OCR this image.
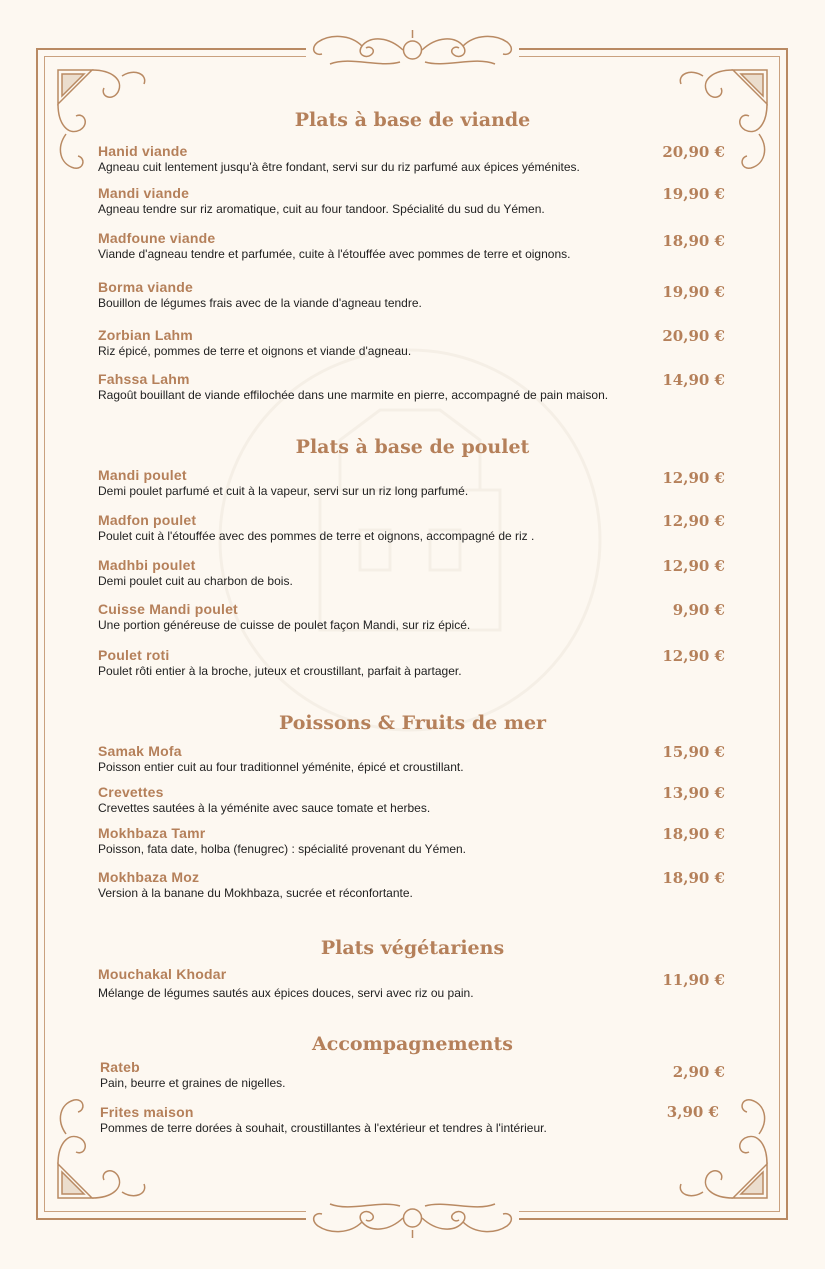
Plats à base de viande
Hanid viande
Agneau cuit lentement jusqu'à être fondant, servi sur du riz parfumé aux épices yéménites.
20,90 €
Mandi viande
Agneau tendre sur riz aromatique, cuit au four tandoor. Spécialité du sud du Yémen.
19,90 €
Madfoune viande
Viande d'agneau tendre et parfumée, cuite à l'étouffée avec pommes de terre et oignons.
18,90 €
Borma viande
Bouillon de légumes frais avec de la viande d'agneau tendre.
19,90 €
Zorbian Lahm
Riz épicé, pommes de terre et oignons et viande d'agneau.
20,90 €
Fahssa Lahm
Ragoût bouillant de viande effilochée dans une marmite en pierre, accompagné de pain maison.
14,90 €
Plats à base de poulet
Mandi poulet
Demi poulet parfumé et cuit à la vapeur, servi sur un riz long parfumé.
12,90 €
Madfon poulet
Poulet cuit à l'étouffée avec des pommes de terre et oignons, accompagné de riz .
12,90 €
Madhbi poulet
Demi poulet cuit au charbon de bois.
12,90 €
Cuisse Mandi poulet
Une portion généreuse de cuisse de poulet façon Mandi, sur riz épicé.
9,90 €
Poulet roti
Poulet rôti entier à la broche, juteux et croustillant, parfait à partager.
12,90 €
Poissons & Fruits de mer
Samak Mofa
Poisson entier cuit au four traditionnel yéménite, épicé et croustillant.
15,90 €
Crevettes
Crevettes sautées à la yéménite avec sauce tomate et herbes.
13,90 €
Mokhbaza Tamr
Poisson, fata date, holba (fenugrec) : spécialité provenant du Yémen.
18,90 €
Mokhbaza Moz
Version à la banane du Mokhbaza, sucrée et réconfortante.
18,90 €
Plats végétariens
Mouchakal Khodar
Mélange de légumes sautés aux épices douces, servi avec riz ou pain.
11,90 €
Accompagnements
Rateb
Pain, beurre et graines de nigelles.
2,90 €
Frites maison
Pommes de terre dorées à souhait, croustillantes à l'extérieur et tendres à l'intérieur.
3,90 €
